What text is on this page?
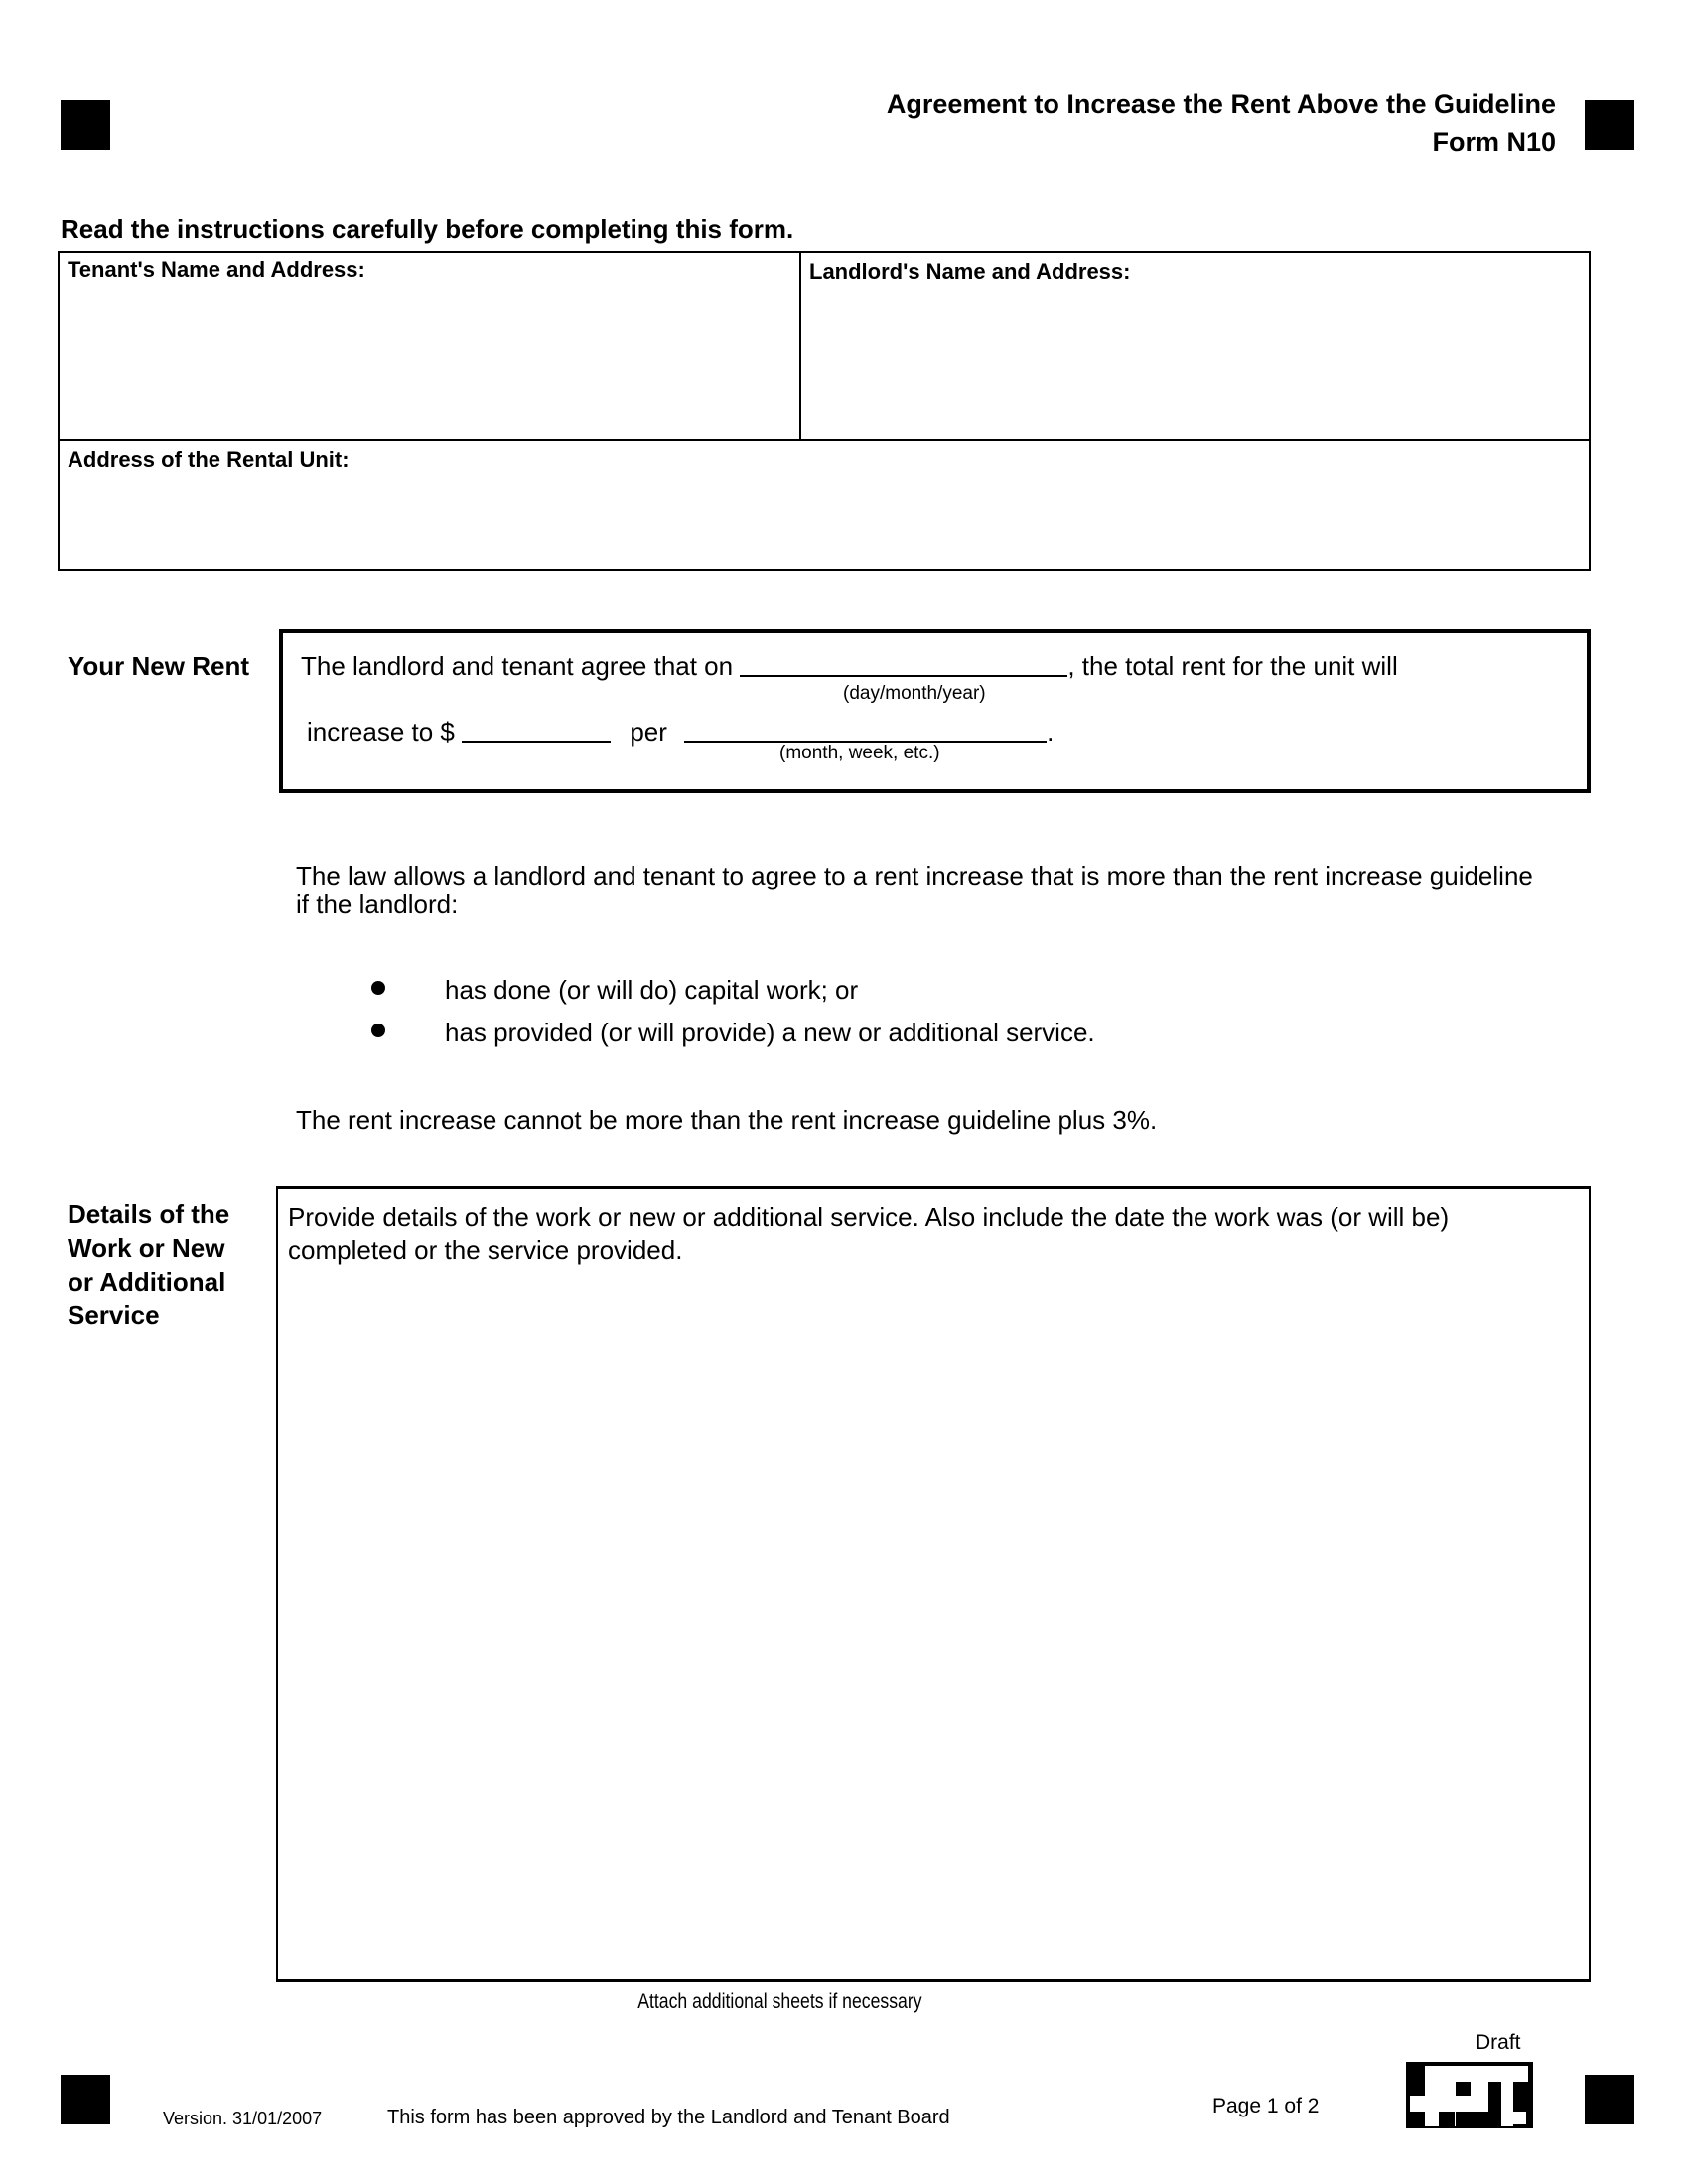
Agreement to Increase the Rent Above the Guideline
Form N10
Read the instructions carefully before completing this form.
Tenant's Name and Address:	Landlord's Name and Address:
Address of the Rental Unit:
Your New Rent The landlord and tenant agree that on	, the total rent for the unit will
(day/month/year)
increase to $	per	.
(month, week, etc.)
The law allows a landlord and tenant to agree to a rent increase that is more than the rent increase guideline if the landlord:
has done (or will do) capital work; or
has provided (or will provide) a new or additional service.
The rent increase cannot be more than the rent increase guideline plus 3%.
Details of the
Work or New
or Additional
Service
Provide details of the work or new or additional service. Also include the date the work was (or will be) completed or the service provided.
Attach additional sheets if necessary
Version. 31/01/2007	This form has been approved by the Landlord and Tenant Board	Page 1 of 2
Draft
